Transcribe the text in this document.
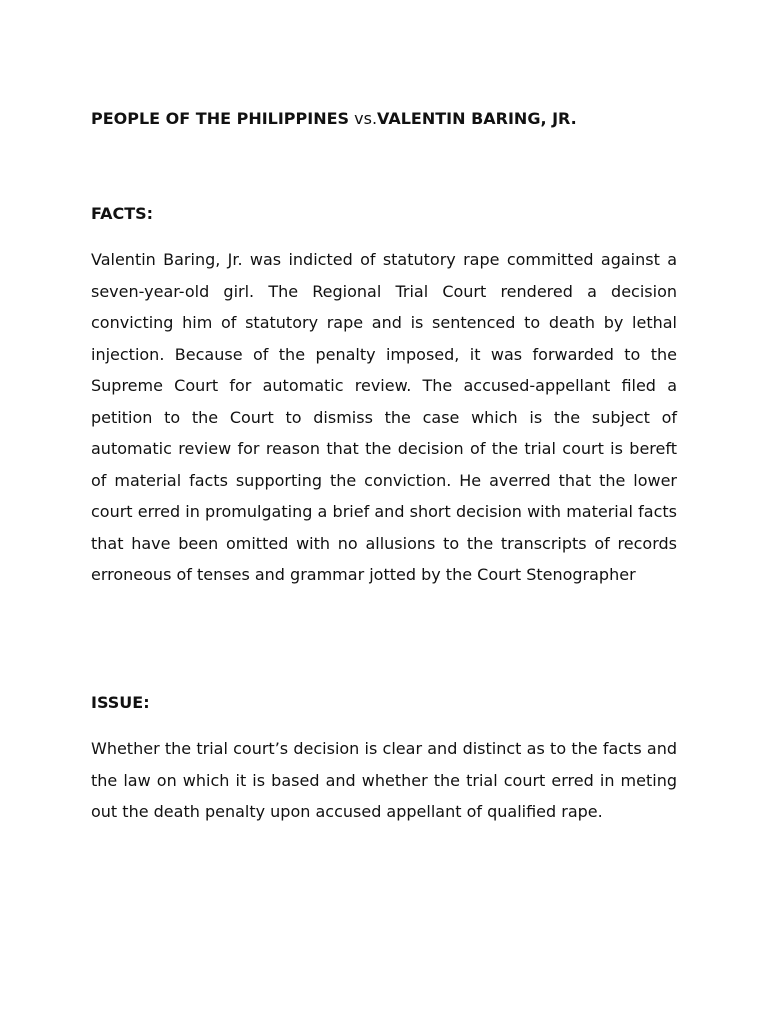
PEOPLE OF THE PHILIPPINES vs.VALENTIN BARING, JR.
FACTS:

Valentin Baring, Jr. was indicted of statutory rape committed against a seven-year-old girl. The Regional Trial Court rendered a decision convicting him of statutory rape and is sentenced to death by lethal injection. Because of the penalty imposed, it was forwarded to the Supreme Court for automatic review. The accused-appellant filed a petition to the Court to dismiss the case which is the subject of automatic review for reason that the decision of the trial court is bereft of material facts supporting the conviction. He averred that the lower court erred in promulgating a brief and short decision with material facts that have been omitted with no allusions to the transcripts of records erroneous of tenses and grammar jotted by the Court Stenographer

ISSUE:

Whether the trial court’s decision is clear and distinct as to the facts and the law on which it is based and whether the trial court erred in meting out the death penalty upon accused appellant of qualified rape.
